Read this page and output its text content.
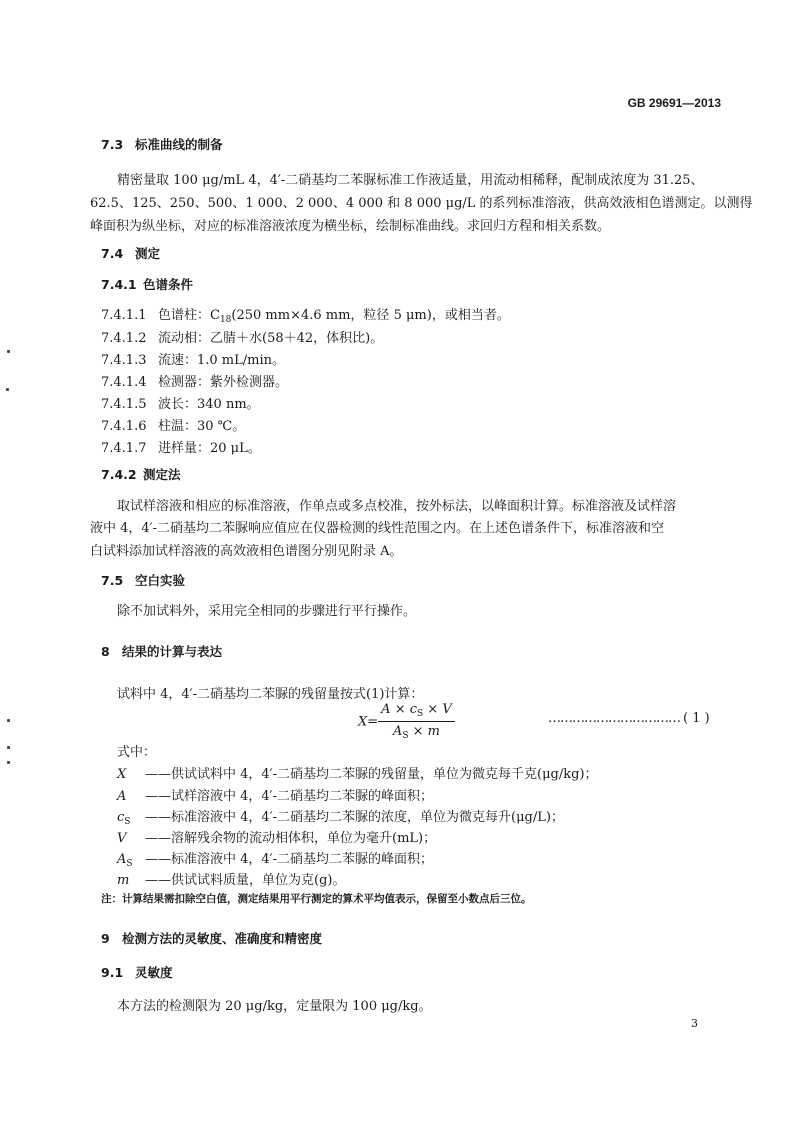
GB 29691—2013
7.3 标准曲线的制备
精密量取 100 μg/mL 4，4′-二硝基均二苯脲标准工作液适量，用流动相稀释，配制成浓度为 31.25、
62.5、125、250、500、1 000、2 000、4 000 和 8 000 μg/L 的系列标准溶液，供高效液相色谱测定。以测得
峰面积为纵坐标，对应的标准溶液浓度为横坐标，绘制标准曲线。求回归方程和相关系数。
7.4 测定
7.4.1 色谱条件
7.4.1.1 色谱柱：$C_{18}(250$ mm×4.6 mm，粒径 5 μm)，或相当者。
7.4.1.2 流动相：乙腈＋水(58＋42，体积比)。
7.4.1.3 流速：1.0 mL/min。
7.4.1.4 检测器：紫外检测器。
7.4.1.5 波长：340 nm。
7.4.1.6 柱温：30 ℃。
7.4.1.7 进样量：20 μL。
7.4.2 测定法
取试样溶液和相应的标准溶液，作单点或多点校准，按外标法，以峰面积计算。标准溶液及试样溶
液中 4，4′-二硝基均二苯脲响应值应在仪器检测的线性范围之内。在上述色谱条件下，标准溶液和空
白试料添加试样溶液的高效液相色谱图分别见附录 A。
7.5 空白实验
除不加试料外，采用完全相同的步骤进行平行操作。
8 结果的计算与表达
试料中 4，4′-二硝基均二苯脲的残留量按式(1)计算：
$X= \frac{A \times c_S \times V}{A_S \times m}$	…………………………… ( 1 )
式中：
X ——供试试料中 4，4′-二硝基均二苯脲的残留量，单位为微克每千克(μg/kg)；
A ——试样溶液中 4，4′-二硝基均二苯脲的峰面积；
$c_S$ ——标准溶液中 4，4′-二硝基均二苯脲的浓度，单位为微克每升(μg/L)；
V ——溶解残余物的流动相体积，单位为毫升(mL)；
$A_S$ ——标准溶液中 4，4′-二硝基均二苯脲的峰面积；
m ——供试试料质量，单位为克(g)。
注：计算结果需扣除空白值，测定结果用平行测定的算术平均值表示，保留至小数点后三位。
9 检测方法的灵敏度、准确度和精密度
9.1 灵敏度
本方法的检测限为 20 μg/kg，定量限为 100 μg/kg。
3
